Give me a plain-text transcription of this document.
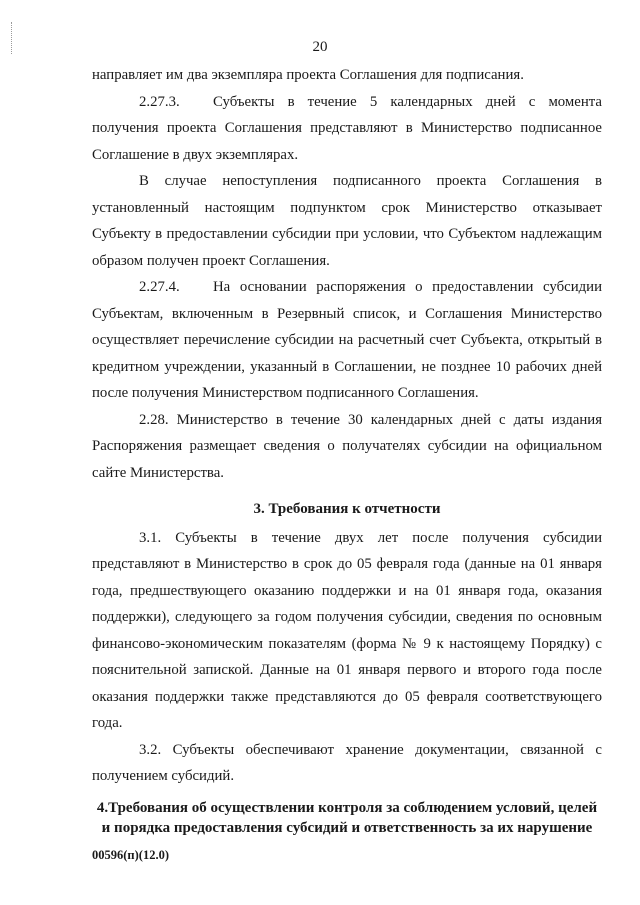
20

направляет им два экземпляра проекта Соглашения для подписания.

2.27.3. Субъекты в течение 5 календарных дней с момента получения проекта Соглашения представляют в Министерство подписанное Соглашение в двух экземплярах.

В случае непоступления подписанного проекта Соглашения в установленный настоящим подпунктом срок Министерство отказывает Субъекту в предоставлении субсидии при условии, что Субъектом надлежащим образом получен проект Соглашения.

2.27.4. На основании распоряжения о предоставлении субсидии Субъектам, включенным в Резервный список, и Соглашения Министерство осуществляет перечисление субсидии на расчетный счет Субъекта, открытый в кредитном учреждении, указанный в Соглашении, не позднее 10 рабочих дней после получения Министерством подписанного Соглашения.

2.28. Министерство в течение 30 календарных дней с даты издания Распоряжения размещает сведения о получателях субсидии на официальном сайте Министерства.

3. Требования к отчетности

3.1. Субъекты в течение двух лет после получения субсидии представляют в Министерство в срок до 05 февраля года (данные на 01 января года, предшествующего оказанию поддержки и на 01 января года, оказания поддержки), следующего за годом получения субсидии, сведения по основным финансово-экономическим показателям (форма № 9 к настоящему Порядку) с пояснительной запиской. Данные на 01 января первого и второго года после оказания поддержки также представляются до 05 февраля соответствующего года.

3.2. Субъекты обеспечивают хранение документации, связанной с получением субсидий.

4.Требования об осуществлении контроля за соблюдением условий, целей и порядка предоставления субсидий и ответственность за их нарушение
00596(п)(12.0)
